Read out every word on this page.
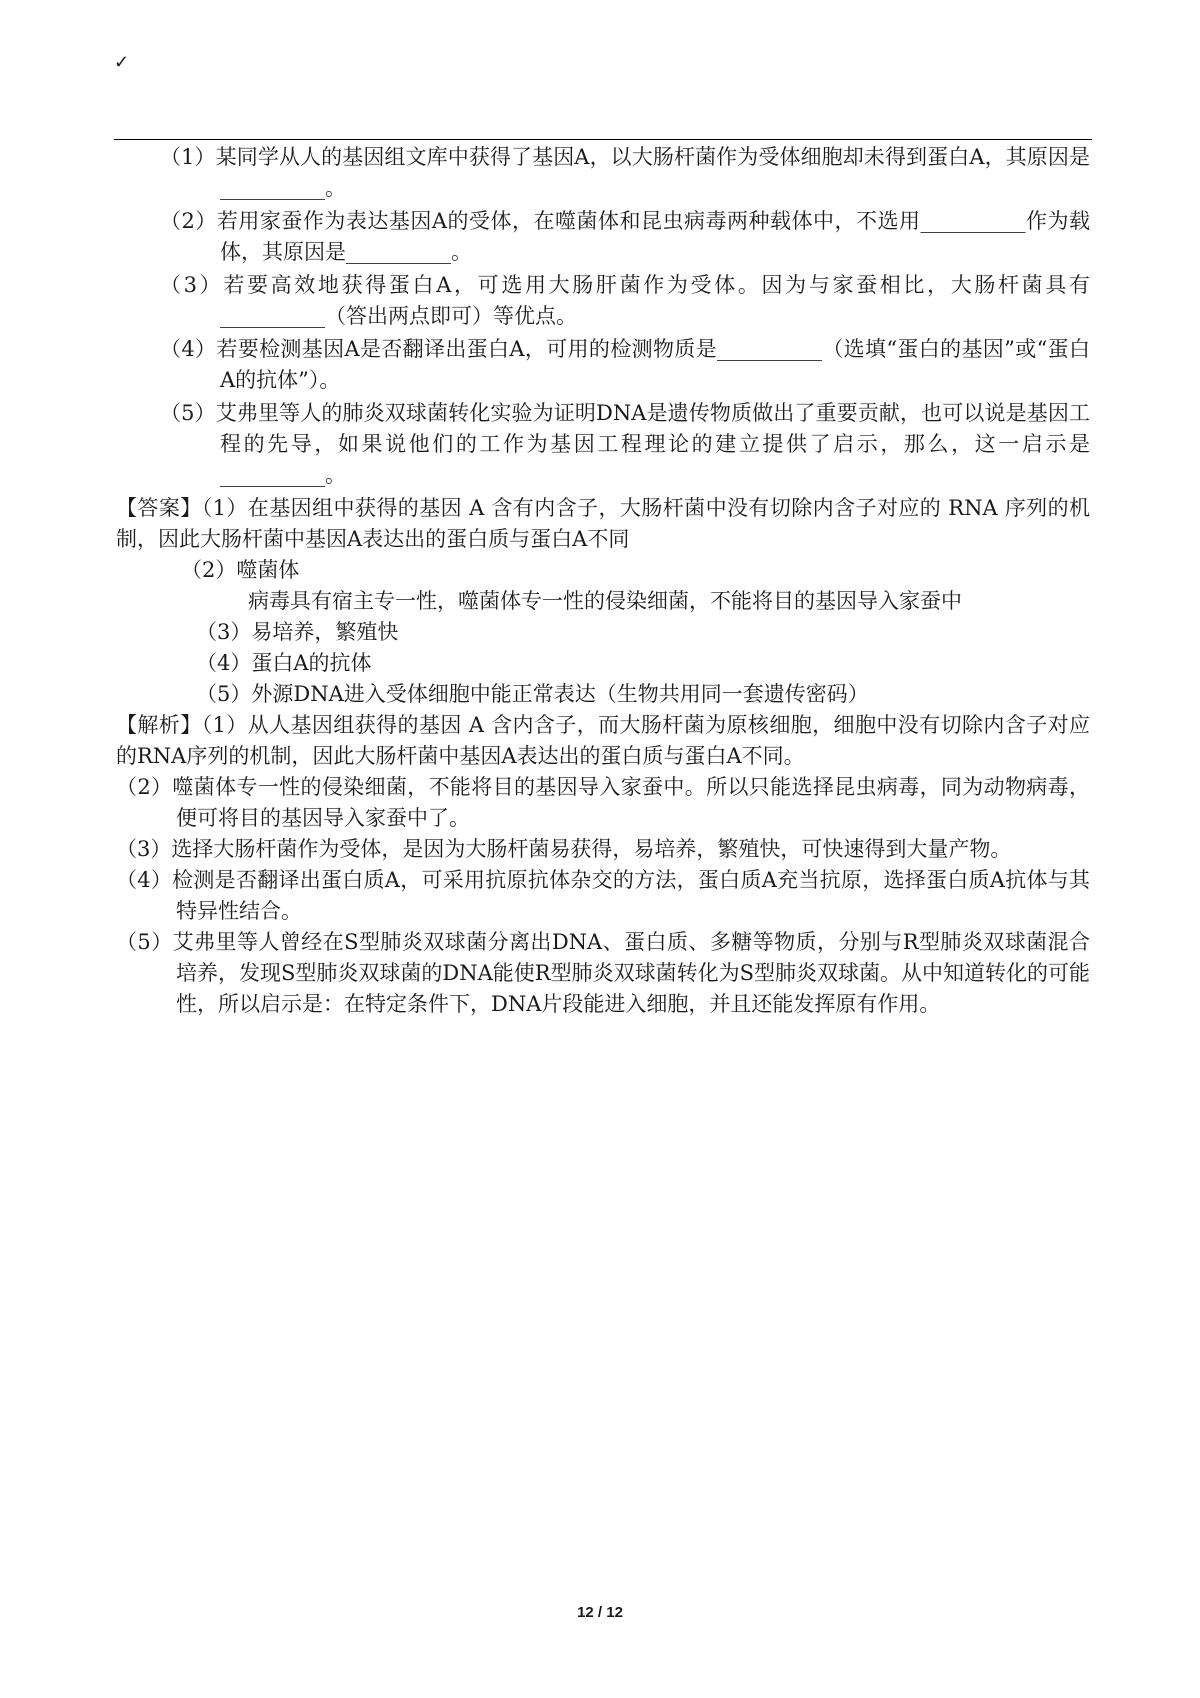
✓
（1）某同学从人的基因组文库中获得了基因A，以大肠杆菌作为受体细胞却未得到蛋白A，其原因是__________。
（2）若用家蚕作为表达基因A的受体，在噬菌体和昆虫病毒两种载体中，不选用__________作为载体，其原因是__________。
（3）若要高效地获得蛋白A，可选用大肠肝菌作为受体。因为与家蚕相比，大肠杆菌具有__________（答出两点即可）等优点。
（4）若要检测基因A是否翻译出蛋白A，可用的检测物质是__________（选填“蛋白的基因”或“蛋白A的抗体”）。
（5）艾弗里等人的肺炎双球菌转化实验为证明DNA是遗传物质做出了重要贡献，也可以说是基因工程的先导，如果说他们的工作为基因工程理论的建立提供了启示，那么，这一启示是__________。
【答案】（1）在基因组中获得的基因 A 含有内含子，大肠杆菌中没有切除内含子对应的 RNA 序列的机制，因此大肠杆菌中基因A表达出的蛋白质与蛋白A不同
（2）噬菌体
病毒具有宿主专一性，噬菌体专一性的侵染细菌，不能将目的基因导入家蚕中
（3）易培养，繁殖快
（4）蛋白A的抗体
（5）外源DNA进入受体细胞中能正常表达（生物共用同一套遗传密码）
【解析】（1）从人基因组获得的基因 A 含内含子，而大肠杆菌为原核细胞，细胞中没有切除内含子对应的RNA序列的机制，因此大肠杆菌中基因A表达出的蛋白质与蛋白A不同。
（2）噬菌体专一性的侵染细菌，不能将目的基因导入家蚕中。所以只能选择昆虫病毒，同为动物病毒，便可将目的基因导入家蚕中了。
（3）选择大肠杆菌作为受体，是因为大肠杆菌易获得，易培养，繁殖快，可快速得到大量产物。
（4）检测是否翻译出蛋白质A，可采用抗原抗体杂交的方法，蛋白质A充当抗原，选择蛋白质A抗体与其特异性结合。
（5）艾弗里等人曾经在S型肺炎双球菌分离出DNA、蛋白质、多糖等物质，分别与R型肺炎双球菌混合培养，发现S型肺炎双球菌的DNA能使R型肺炎双球菌转化为S型肺炎双球菌。从中知道转化的可能性，所以启示是：在特定条件下，DNA片段能进入细胞，并且还能发挥原有作用。
12 / 12
